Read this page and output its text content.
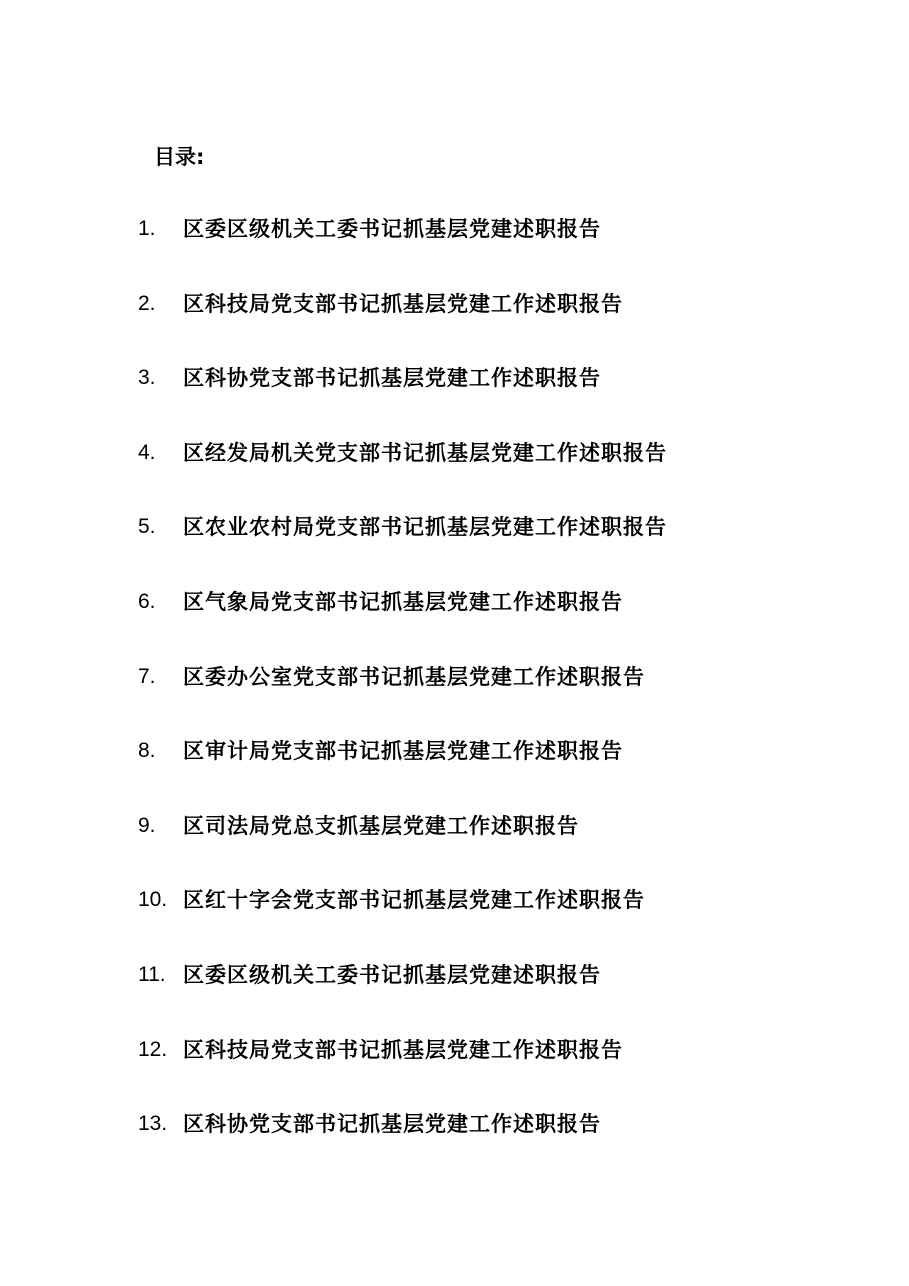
目录:
1.	区委区级机关工委书记抓基层党建述职报告
2.	区科技局党支部书记抓基层党建工作述职报告
3.	区科协党支部书记抓基层党建工作述职报告
4.	区经发局机关党支部书记抓基层党建工作述职报告
5.	区农业农村局党支部书记抓基层党建工作述职报告
6.	区气象局党支部书记抓基层党建工作述职报告
7.	区委办公室党支部书记抓基层党建工作述职报告
8.	区审计局党支部书记抓基层党建工作述职报告
9.	区司法局党总支抓基层党建工作述职报告
10. 区红十字会党支部书记抓基层党建工作述职报告
11. 区委区级机关工委书记抓基层党建述职报告
12. 区科技局党支部书记抓基层党建工作述职报告
13. 区科协党支部书记抓基层党建工作述职报告
